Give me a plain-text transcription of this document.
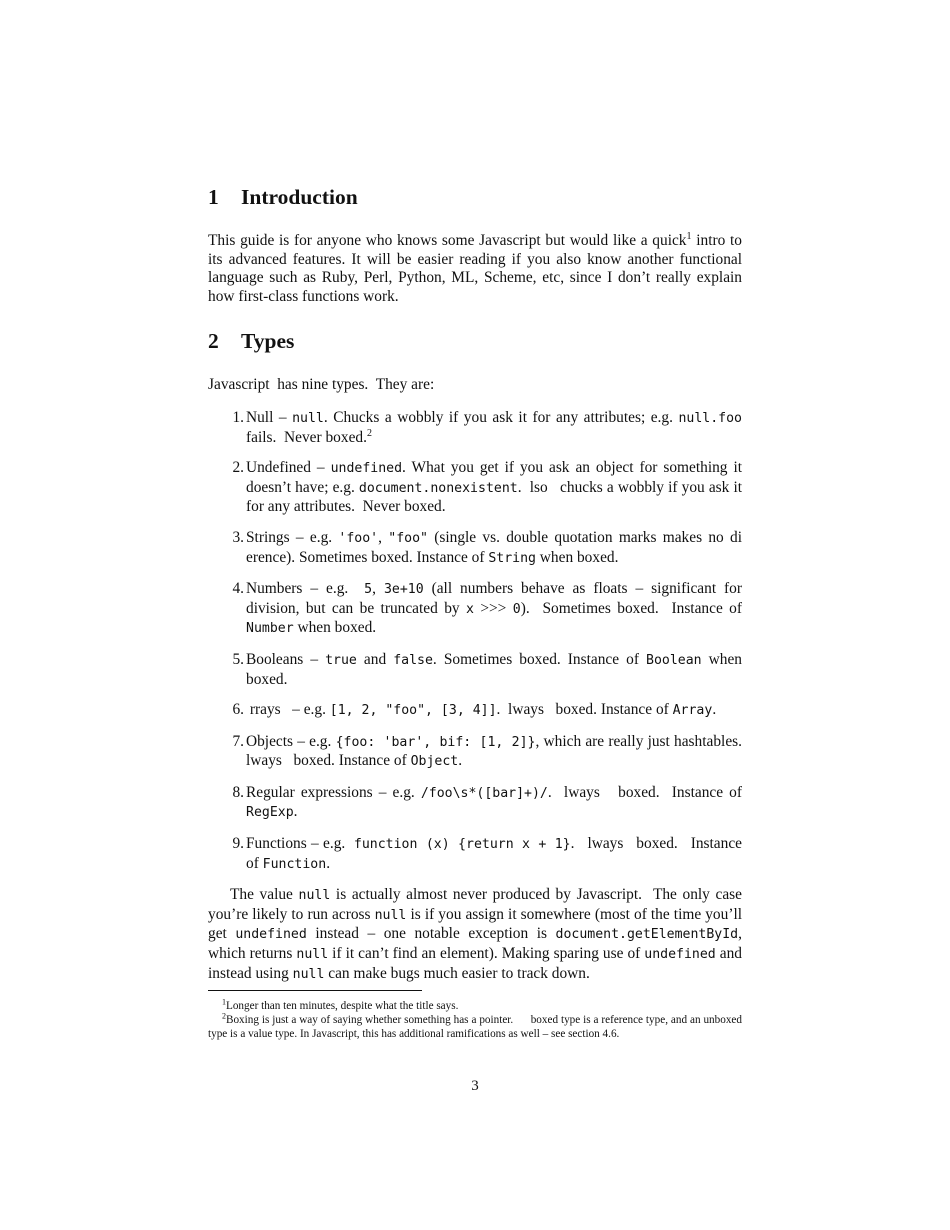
1 Introduction

This guide is for anyone who knows some Javascript but would like a quick$^1$ intro to its advanced features. It will be easier reading if you also know another functional language such as Ruby, Perl, Python, ML, Scheme, etc, since I don’t really explain how first-class functions work.

2 Types

Javascript  has nine types.  They are:

1. Null – null. Chucks a wobbly if you ask it for any attributes; e.g. null.foo fails.  Never boxed.$^2$
2. Undefined – undefined. What you get if you ask an object for something it doesn’t have; e.g. document.nonexistent.  lso   chucks a wobbly if you ask it for any attributes.  Never boxed.
3. Strings – e.g. 'foo', "foo" (single vs. double quotation marks makes no di   erence). Sometimes boxed. Instance of String when boxed.
4. Numbers – e.g.  5, 3e+10 (all numbers behave as floats – significant for division, but can be truncated by x >>> 0).  Sometimes boxed.  Instance of Number when boxed.
5. Booleans – true and false. Sometimes boxed. Instance of Boolean when boxed.
6. rrays   – e.g. [1, 2, "foo", [3, 4]].  lways   boxed. Instance of Array.
7. Objects – e.g. {foo: 'bar', bif: [1, 2]}, which are really just hashtables.  lways   boxed. Instance of Object.
8. Regular expressions – e.g. /foo\s*([bar]+)/.  lways   boxed.  Instance of RegExp.
9. Functions – e.g.  function (x) {return x + 1}.   lways   boxed.   Instance of Function.

The value null is actually almost never produced by Javascript.  The only case you’re likely to run across null is if you assign it somewhere (most of the time you’ll get undefined instead – one notable exception is document.getElementById, which returns null if it can’t find an element). Making sparing use of undefined and instead using null can make bugs much easier to track down.

$^1$Longer than ten minutes, despite what the title says.

$^2$Boxing is just a way of saying whether something has a pointer.      boxed type is a reference type, and an unboxed type is a value type. In Javascript, this has additional ramifications as well – see section 4.6.

3
